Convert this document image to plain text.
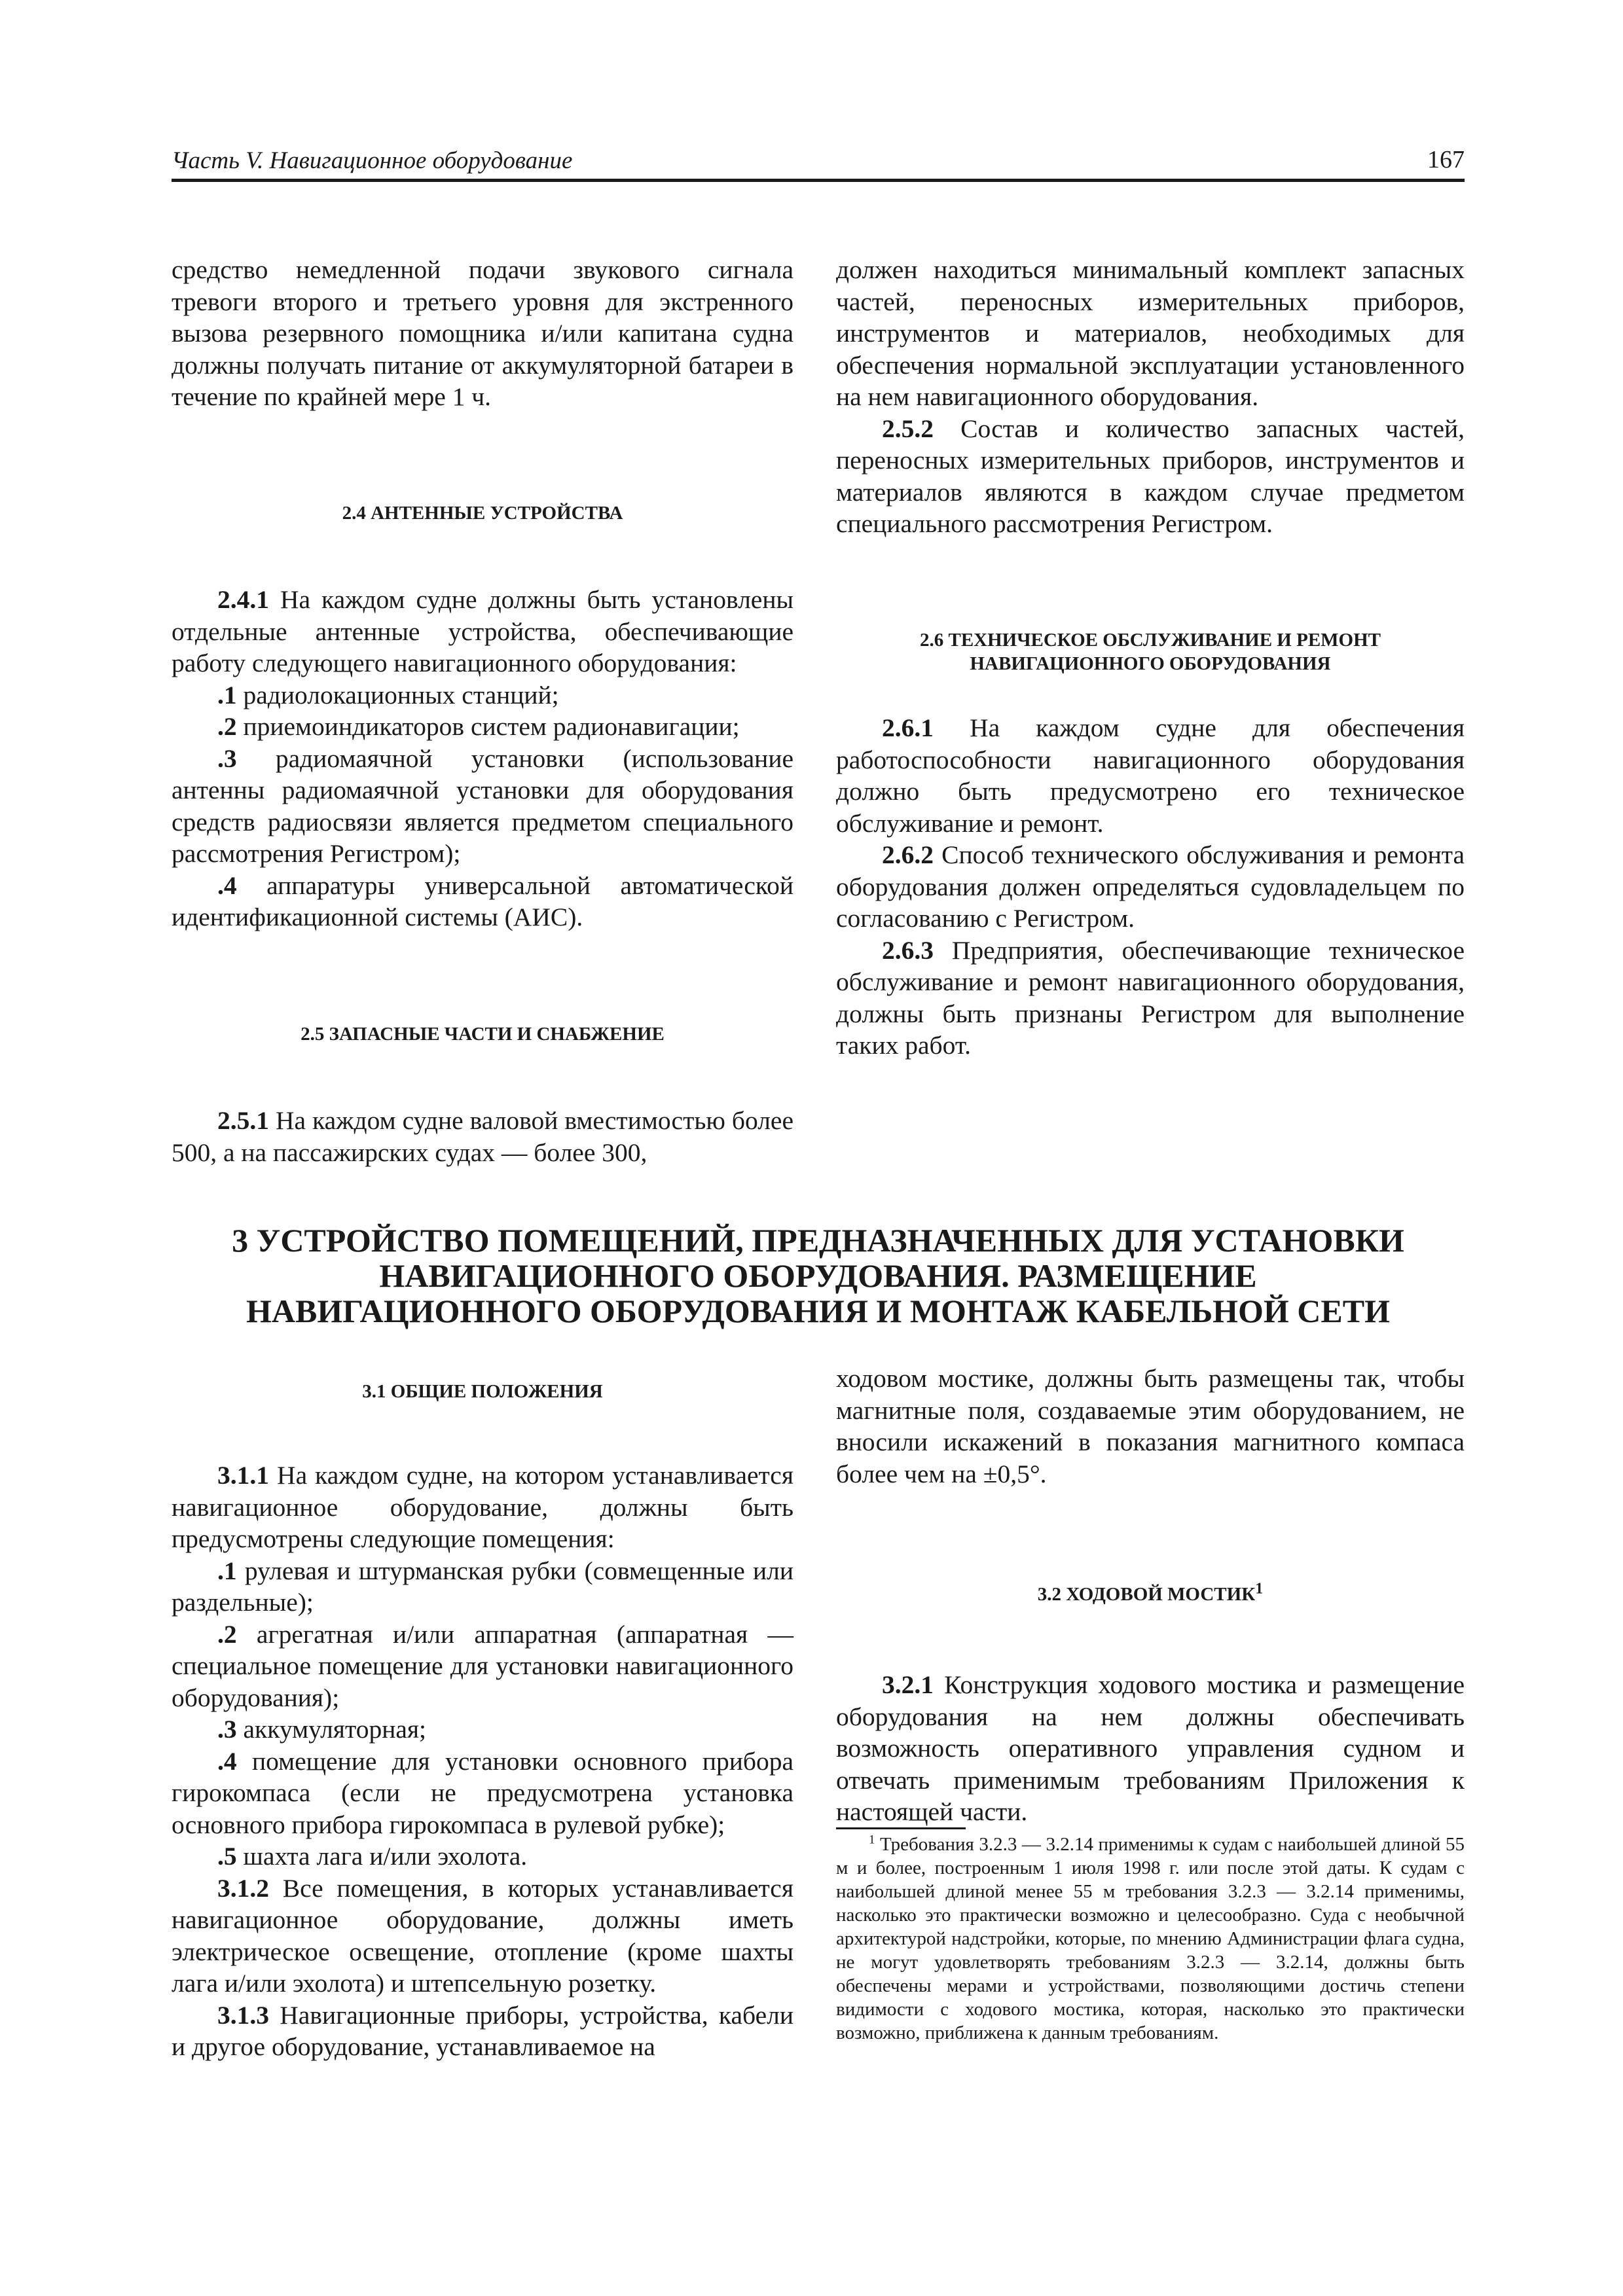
Часть V. Навигационное оборудование	167

средство немедленной подачи звукового сигнала тревоги второго и третьего уровня для экстренного вызова резервного помощника и/или капитана судна должны получать питание от аккумуляторной батареи в течение по крайней мере 1 ч.

2.4 АНТЕННЫЕ УСТРОЙСТВА

2.4.1 На каждом судне должны быть установлены отдельные антенные устройства, обеспечивающие работу следующего навигационного оборудования:

.1 радиолокационных станций;

.2 приемоиндикаторов систем радионавигации;

.3 радиомаячной установки (использование антенны радиомаячной установки для оборудования средств радиосвязи является предметом специального рассмотрения Регистром);

.4 аппаратуры универсальной автоматической идентификационной системы (АИС).

2.5 ЗАПАСНЫЕ ЧАСТИ И СНАБЖЕНИЕ

2.5.1 На каждом судне валовой вместимостью более 500, а на пассажирских судах — более 300,

должен находиться минимальный комплект запасных частей, переносных измерительных приборов, инструментов и материалов, необходимых для обеспечения нормальной эксплуатации установленного на нем навигационного оборудования.

2.5.2 Состав и количество запасных частей, переносных измерительных приборов, инструментов и материалов являются в каждом случае предметом специального рассмотрения Регистром.

2.6 ТЕХНИЧЕСКОЕ ОБСЛУЖИВАНИЕ И РЕМОНТ
НАВИГАЦИОННОГО ОБОРУДОВАНИЯ

2.6.1 На каждом судне для обеспечения работоспособности навигационного оборудования должно быть предусмотрено его техническое обслуживание и ремонт.

2.6.2 Способ технического обслуживания и ремонта оборудования должен определяться судовладельцем по согласованию с Регистром.

2.6.3 Предприятия, обеспечивающие техническое обслуживание и ремонт навигационного оборудования, должны быть признаны Регистром для выполнение таких работ.

3 УСТРОЙСТВО ПОМЕЩЕНИЙ, ПРЕДНАЗНАЧЕННЫХ ДЛЯ УСТАНОВКИ
НАВИГАЦИОННОГО ОБОРУДОВАНИЯ. РАЗМЕЩЕНИЕ
НАВИГАЦИОННОГО ОБОРУДОВАНИЯ И МОНТАЖ КАБЕЛЬНОЙ СЕТИ
3.1 ОБЩИЕ ПОЛОЖЕНИЯ

3.1.1 На каждом судне, на котором устанавливается навигационное оборудование, должны быть предусмотрены следующие помещения:

.1 рулевая и штурманская рубки (совмещенные или раздельные);

.2 агрегатная и/или аппаратная (аппаратная — специальное помещение для установки навигационного оборудования);

.3 аккумуляторная;

.4 помещение для установки основного прибора гирокомпаса (если не предусмотрена установка основного прибора гирокомпаса в рулевой рубке);

.5 шахта лага и/или эхолота.

3.1.2 Все помещения, в которых устанавливается навигационное оборудование, должны иметь электрическое освещение, отопление (кроме шахты лага и/или эхолота) и штепсельную розетку.

3.1.3 Навигационные приборы, устройства, кабели и другое оборудование, устанавливаемое на

ходовом мостике, должны быть размещены так, чтобы магнитные поля, создаваемые этим оборудованием, не вносили искажений в показания магнитного компаса более чем на ±0,5°.

3.2 ХОДОВОЙ МОСТИК$^1$

3.2.1 Конструкция ходового мостика и размещение оборудования на нем должны обеспечивать возможность оперативного управления судном и отвечать применимым требованиям Приложения к настоящей части.

$^1$ Требования 3.2.3 — 3.2.14 применимы к судам с наибольшей длиной 55 м и более, построенным 1 июля 1998 г. или после этой даты. К судам с наибольшей длиной менее 55 м требования 3.2.3 — 3.2.14 применимы, насколько это практически возможно и целесообразно. Суда с необычной архитектурой надстройки, которые, по мнению Администрации флага судна, не могут удовлетворять требованиям 3.2.3 — 3.2.14, должны быть обеспечены мерами и устройствами, позволяющими достичь степени видимости с ходового мостика, которая, насколько это практически возможно, приближена к данным требованиям.
